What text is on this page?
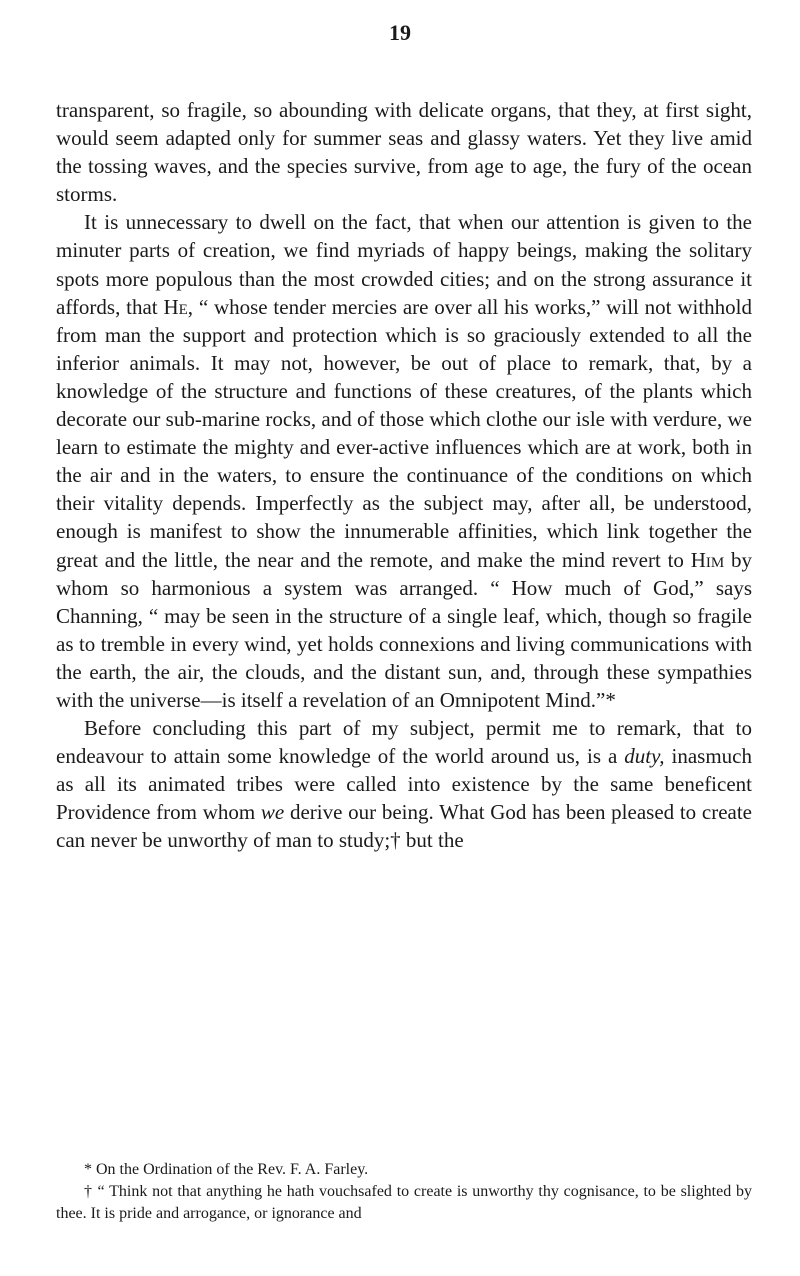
19

transparent, so fragile, so abounding with delicate organs, that they, at first sight, would seem adapted only for summer seas and glassy waters. Yet they live amid the tossing waves, and the species survive, from age to age, the fury of the ocean storms.

It is unnecessary to dwell on the fact, that when our attention is given to the minuter parts of creation, we find myriads of happy beings, making the solitary spots more populous than the most crowded cities; and on the strong assurance it affords, that He, “ whose tender mercies are over all his works,” will not withhold from man the support and protection which is so graciously extended to all the inferior animals. It may not, however, be out of place to remark, that, by a knowledge of the structure and functions of these creatures, of the plants which decorate our sub-marine rocks, and of those which clothe our isle with verdure, we learn to estimate the mighty and ever-active influences which are at work, both in the air and in the waters, to ensure the continuance of the conditions on which their vitality depends. Imperfectly as the subject may, after all, be understood, enough is manifest to show the innumerable affinities, which link together the great and the little, the near and the remote, and make the mind revert to Him by whom so harmonious a system was arranged. “ How much of God,” says Channing, “ may be seen in the structure of a single leaf, which, though so fragile as to tremble in every wind, yet holds connexions and living communications with the earth, the air, the clouds, and the distant sun, and, through these sympathies with the universe—is itself a revelation of an Omnipotent Mind.”*

Before concluding this part of my subject, permit me to remark, that to endeavour to attain some knowledge of the world around us, is a duty, inasmuch as all its animated tribes were called into existence by the same beneficent Providence from whom we derive our being. What God has been pleased to create can never be unworthy of man to study;† but the

* On the Ordination of the Rev. F. A. Farley.

† “ Think not that anything he hath vouchsafed to create is unworthy thy cognisance, to be slighted by thee. It is pride and arrogance, or ignorance and
